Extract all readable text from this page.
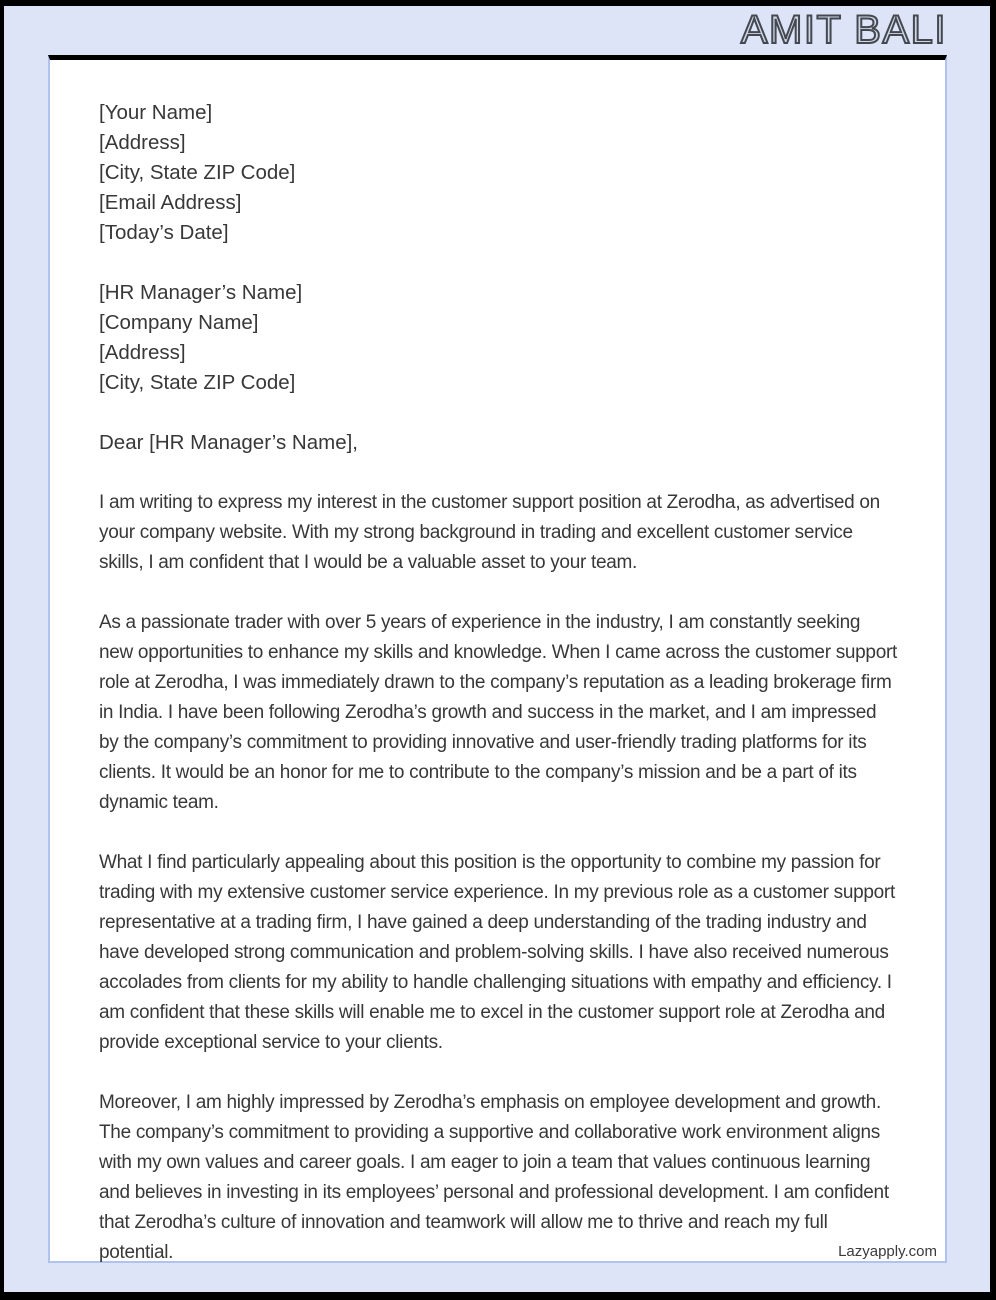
AMIT BALI
[Your Name]
[Address]
[City, State ZIP Code]
[Email Address]
[Today’s Date]
[HR Manager’s Name]
[Company Name]
[Address]
[City, State ZIP Code]
Dear [HR Manager’s Name],

I am writing to express my interest in the customer support position at Zerodha, as advertised on your company website. With my strong background in trading and excellent customer service skills, I am confident that I would be a valuable asset to your team.

As a passionate trader with over 5 years of experience in the industry, I am constantly seeking new opportunities to enhance my skills and knowledge. When I came across the customer support role at Zerodha, I was immediately drawn to the company’s reputation as a leading brokerage firm in India. I have been following Zerodha’s growth and success in the market, and I am impressed by the company’s commitment to providing innovative and user-friendly trading platforms for its clients. It would be an honor for me to contribute to the company’s mission and be a part of its dynamic team.

What I find particularly appealing about this position is the opportunity to combine my passion for trading with my extensive customer service experience. In my previous role as a customer support representative at a trading firm, I have gained a deep understanding of the trading industry and have developed strong communication and problem-solving skills. I have also received numerous accolades from clients for my ability to handle challenging situations with empathy and efficiency. I am confident that these skills will enable me to excel in the customer support role at Zerodha and provide exceptional service to your clients.

Moreover, I am highly impressed by Zerodha’s emphasis on employee development and growth. The company’s commitment to providing a supportive and collaborative work environment aligns with my own values and career goals. I am eager to join a team that values continuous learning and believes in investing in its employees’ personal and professional development. I am confident that Zerodha’s culture of innovation and teamwork will allow me to thrive and reach my full potential.	Lazyapply.com
